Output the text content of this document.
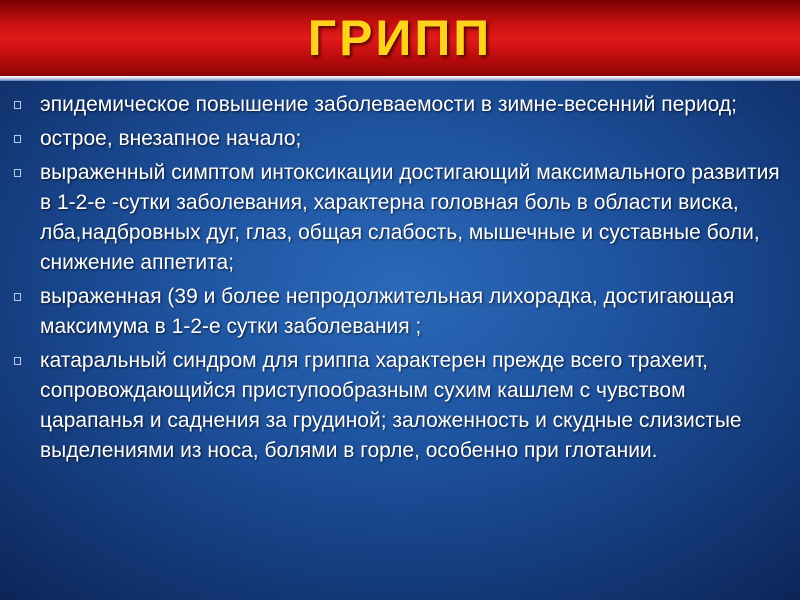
ГРИПП
эпидемическое повышение заболеваемости в зимне-весенний период;
острое, внезапное начало;
выраженный симптом интоксикации достигающий максимального развития в 1-2-е -сутки заболевания, характерна головная боль в области виска, лба,надбровных дуг, глаз, общая слабость, мышечные и суставные боли, снижение аппетита;
выраженная (39 и более непродолжительная лихорадка, достигающая максимума в 1-2-е сутки заболевания ;
катаральный синдром для гриппа характерен прежде всего трахеит, сопровождающийся приступообразным сухим кашлем с чувством царапанья и саднения за грудиной; заложенность и скудные слизистые выделениями из носа, болями в горле, особенно при глотании.
